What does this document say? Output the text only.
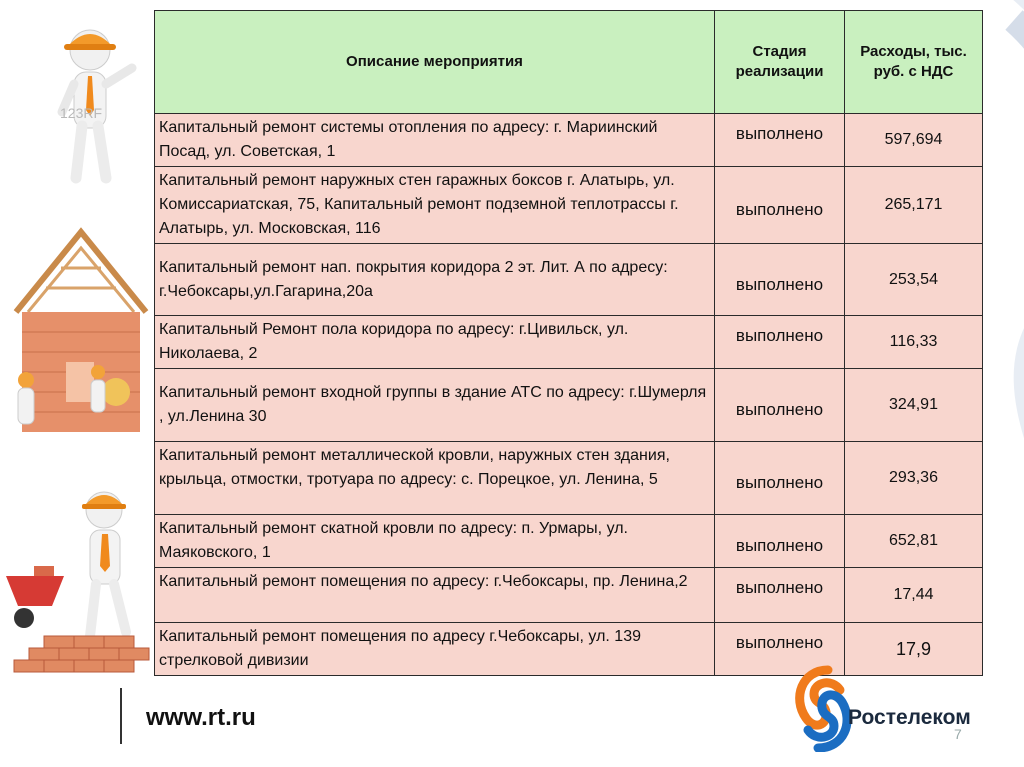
123RF
Описание мероприятия	Стадия реализации	Расходы, тыс. руб. с НДС
Капитальный ремонт системы отопления по адресу: г. Мариинский Посад, ул. Советская, 1	выполнено	597,694
Капитальный ремонт наружных стен гаражных боксов г. Алатырь, ул. Комиссариатская, 75, Капитальный ремонт подземной теплотрассы г. Алатырь, ул. Московская, 116	выполнено	265,171
Капитальный ремонт нап. покрытия коридора 2 эт. Лит. А по адресу: г.Чебоксары,ул.Гагарина,20а	выполнено	253,54
Капитальный Ремонт пола коридора по адресу: г.Цивильск, ул. Николаева, 2	выполнено	116,33
Капитальный ремонт входной группы в здание АТС по адресу: г.Шумерля , ул.Ленина 30	выполнено	324,91
Капитальный ремонт металлической кровли, наружных стен здания, крыльца, отмостки, тротуара по адресу: с. Порецкое, ул. Ленина, 5	выполнено	293,36
Капитальный ремонт скатной кровли по адресу: п. Урмары, ул. Маяковского, 1	выполнено	652,81
Капитальный ремонт помещения по адресу: г.Чебоксары, пр. Ленина,2	выполнено	17,44
Капитальный ремонт помещения по адресу г.Чебоксары, ул. 139 стрелковой дивизии	выполнено	17,9
www.rt.ru	Ростелеком
7
